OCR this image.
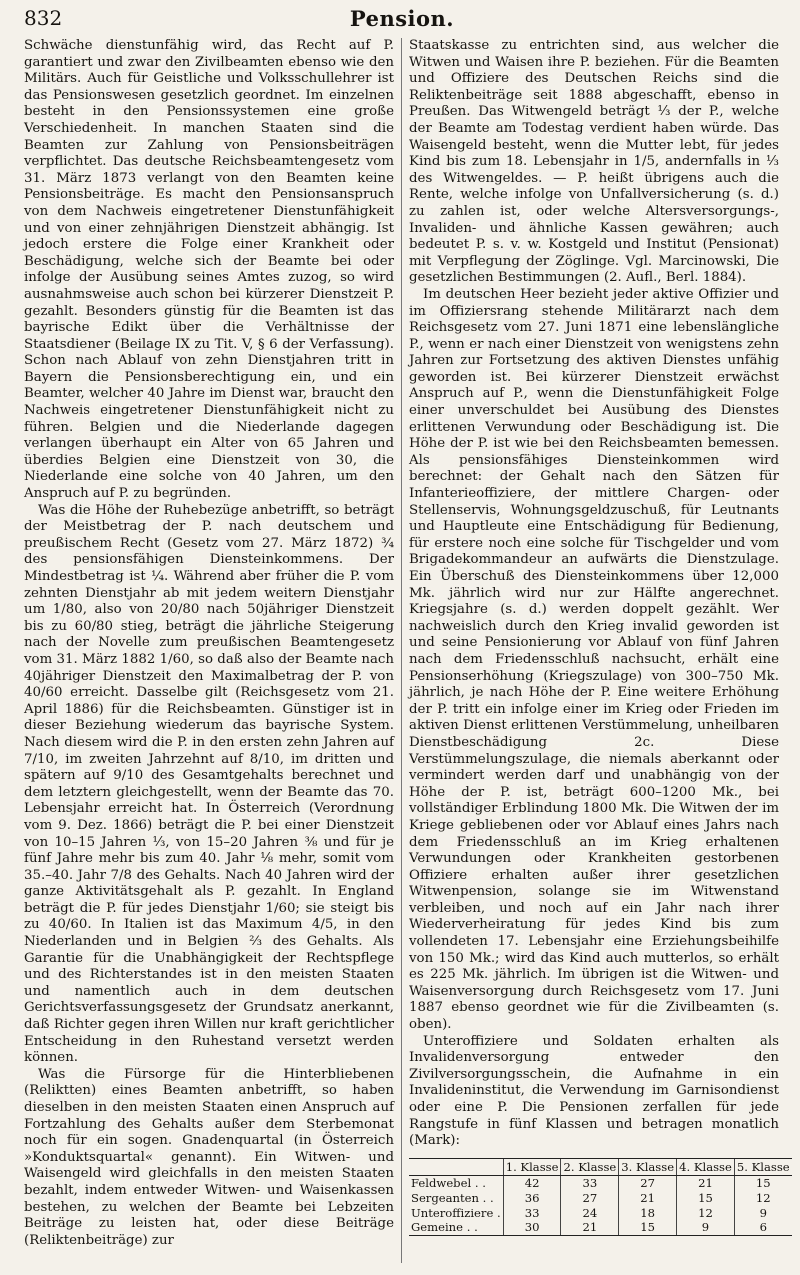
832	Pension.

Schwäche dienstunfähig wird, das Recht auf P. garantiert und zwar den Zivilbeamten ebenso wie den Militärs. Auch für Geistliche und Volksschullehrer ist das Pensionswesen gesetzlich geordnet. Im einzelnen besteht in den Pensionssystemen eine große Verschiedenheit. In manchen Staaten sind die Beamten zur Zahlung von Pensionsbeiträgen verpflichtet. Das deutsche Reichsbeamtengesetz vom 31. März 1873 verlangt von den Beamten keine Pensionsbeiträge. Es macht den Pensionsanspruch von dem Nachweis eingetretener Dienstunfähigkeit und von einer zehnjährigen Dienstzeit abhängig. Ist jedoch erstere die Folge einer Krankheit oder Beschädigung, welche sich der Beamte bei oder infolge der Ausübung seines Amtes zuzog, so wird ausnahmsweise auch schon bei kürzerer Dienstzeit P. gezahlt. Besonders günstig für die Beamten ist das bayrische Edikt über die Verhältnisse der Staatsdiener (Beilage IX zu Tit. V, § 6 der Verfassung). Schon nach Ablauf von zehn Dienstjahren tritt in Bayern die Pensionsberechtigung ein, und ein Beamter, welcher 40 Jahre im Dienst war, braucht den Nachweis eingetretener Dienstunfähigkeit nicht zu führen. Belgien und die Niederlande dagegen verlangen überhaupt ein Alter von 65 Jahren und überdies Belgien eine Dienstzeit von 30, die Niederlande eine solche von 40 Jahren, um den Anspruch auf P. zu begründen.

Was die Höhe der Ruhebezüge anbetrifft, so beträgt der Meistbetrag der P. nach deutschem und preußischem Recht (Gesetz vom 27. März 1872) ¾ des pensionsfähigen Diensteinkommens. Der Mindestbetrag ist ¼. Während aber früher die P. vom zehnten Dienstjahr ab mit jedem weitern Dienstjahr um 1/80, also von 20/80 nach 50jähriger Dienstzeit bis zu 60/80 stieg, beträgt die jährliche Steigerung nach der Novelle zum preußischen Beamtengesetz vom 31. März 1882 1/60, so daß also der Beamte nach 40jähriger Dienstzeit den Maximalbetrag der P. von 40/60 erreicht. Dasselbe gilt (Reichsgesetz vom 21. April 1886) für die Reichsbeamten. Günstiger ist in dieser Beziehung wiederum das bayrische System. Nach diesem wird die P. in den ersten zehn Jahren auf 7/10, im zweiten Jahrzehnt auf 8/10, im dritten und spätern auf 9/10 des Gesamtgehalts berechnet und dem letztern gleichgestellt, wenn der Beamte das 70. Lebensjahr erreicht hat. In Österreich (Verordnung vom 9. Dez. 1866) beträgt die P. bei einer Dienstzeit von 10–15 Jahren ⅓, von 15–20 Jahren ⅜ und für je fünf Jahre mehr bis zum 40. Jahr ⅛ mehr, somit vom 35.–40. Jahr 7/8 des Gehalts. Nach 40 Jahren wird der ganze Aktivitätsgehalt als P. gezahlt. In England beträgt die P. für jedes Dienstjahr 1/60; sie steigt bis zu 40/60. In Italien ist das Maximum 4/5, in den Niederlanden und in Belgien ⅔ des Gehalts. Als Garantie für die Unabhängigkeit der Rechtspflege und des Richterstandes ist in den meisten Staaten und namentlich auch in dem deutschen Gerichtsverfassungsgesetz der Grundsatz anerkannt, daß Richter gegen ihren Willen nur kraft gerichtlicher Entscheidung in den Ruhestand versetzt werden können.

Was die Fürsorge für die Hinterbliebenen (Reliktten) eines Beamten anbetrifft, so haben dieselben in den meisten Staaten einen Anspruch auf Fortzahlung des Gehalts außer dem Sterbemonat noch für ein sogen. Gnadenquartal (in Österreich »Konduktsquartal« genannt). Ein Witwen- und Waisengeld wird gleichfalls in den meisten Staaten bezahlt, indem entweder Witwen- und Waisenkassen bestehen, zu welchen der Beamte bei Lebzeiten Beiträge zu leisten hat, oder diese Beiträge (Reliktenbeiträge) zur

Staatskasse zu entrichten sind, aus welcher die Witwen und Waisen ihre P. beziehen. Für die Beamten und Offiziere des Deutschen Reichs sind die Reliktenbeiträge seit 1888 abgeschafft, ebenso in Preußen. Das Witwengeld beträgt ⅓ der P., welche der Beamte am Todestag verdient haben würde. Das Waisengeld besteht, wenn die Mutter lebt, für jedes Kind bis zum 18. Lebensjahr in 1/5, andernfalls in ⅓ des Witwengeldes. — P. heißt übrigens auch die Rente, welche infolge von Unfallversicherung (s. d.) zu zahlen ist, oder welche Altersversorgungs-, Invaliden- und ähnliche Kassen gewähren; auch bedeutet P. s. v. w. Kostgeld und Institut (Pensionat) mit Verpflegung der Zöglinge. Vgl. Marcinowski, Die gesetzlichen Bestimmungen (2. Aufl., Berl. 1884).

Im deutschen Heer bezieht jeder aktive Offizier und im Offiziersrang stehende Militärarzt nach dem Reichsgesetz vom 27. Juni 1871 eine lebenslängliche P., wenn er nach einer Dienstzeit von wenigstens zehn Jahren zur Fortsetzung des aktiven Dienstes unfähig geworden ist. Bei kürzerer Dienstzeit erwächst Anspruch auf P., wenn die Dienstunfähigkeit Folge einer unverschuldet bei Ausübung des Dienstes erlittenen Verwundung oder Beschädigung ist. Die Höhe der P. ist wie bei den Reichsbeamten bemessen. Als pensionsfähiges Diensteinkommen wird berechnet: der Gehalt nach den Sätzen für Infanterieoffiziere, der mittlere Chargen- oder Stellenservis, Wohnungsgeldzuschuß, für Leutnants und Hauptleute eine Entschädigung für Bedienung, für erstere noch eine solche für Tischgelder und vom Brigadekommandeur an aufwärts die Dienstzulage. Ein Überschuß des Diensteinkommens über 12,000 Mk. jährlich wird nur zur Hälfte angerechnet. Kriegsjahre (s. d.) werden doppelt gezählt. Wer nachweislich durch den Krieg invalid geworden ist und seine Pensionierung vor Ablauf von fünf Jahren nach dem Friedensschluß nachsucht, erhält eine Pensionserhöhung (Kriegszulage) von 300–750 Mk. jährlich, je nach Höhe der P. Eine weitere Erhöhung der P. tritt ein infolge einer im Krieg oder Frieden im aktiven Dienst erlittenen Verstümmelung, unheilbaren Dienstbeschädigung 2c. Diese Verstümmelungszulage, die niemals aberkannt oder vermindert werden darf und unabhängig von der Höhe der P. ist, beträgt 600–1200 Mk., bei vollständiger Erblindung 1800 Mk. Die Witwen der im Kriege gebliebenen oder vor Ablauf eines Jahrs nach dem Friedensschluß an im Krieg erhaltenen Verwundungen oder Krankheiten gestorbenen Offiziere erhalten außer ihrer gesetzlichen Witwenpension, solange sie im Witwenstand verbleiben, und noch auf ein Jahr nach ihrer Wiederverheiratung für jedes Kind bis zum vollendeten 17. Lebensjahr eine Erziehungsbeihilfe von 150 Mk.; wird das Kind auch mutterlos, so erhält es 225 Mk. jährlich. Im übrigen ist die Witwen- und Waisenversorgung durch Reichsgesetz vom 17. Juni 1887 ebenso geordnet wie für die Zivilbeamten (s. oben).

Unteroffiziere und Soldaten erhalten als Invalidenversorgung entweder den Zivilversorgungsschein, die Aufnahme in ein Invalideninstitut, die Verwendung im Garnisondienst oder eine P. Die Pensionen zerfallen für jede Rangstufe in fünf Klassen und betragen monatlich (Mark):

	1. Klasse	2. Klasse	3. Klasse	4. Klasse	5. Klasse
Feldwebel . .	42	33	27	21	15
Sergeanten . .	36	27	21	15	12
Unteroffiziere .	33	24	18	12	9
Gemeine . .	30	21	15	9	6
